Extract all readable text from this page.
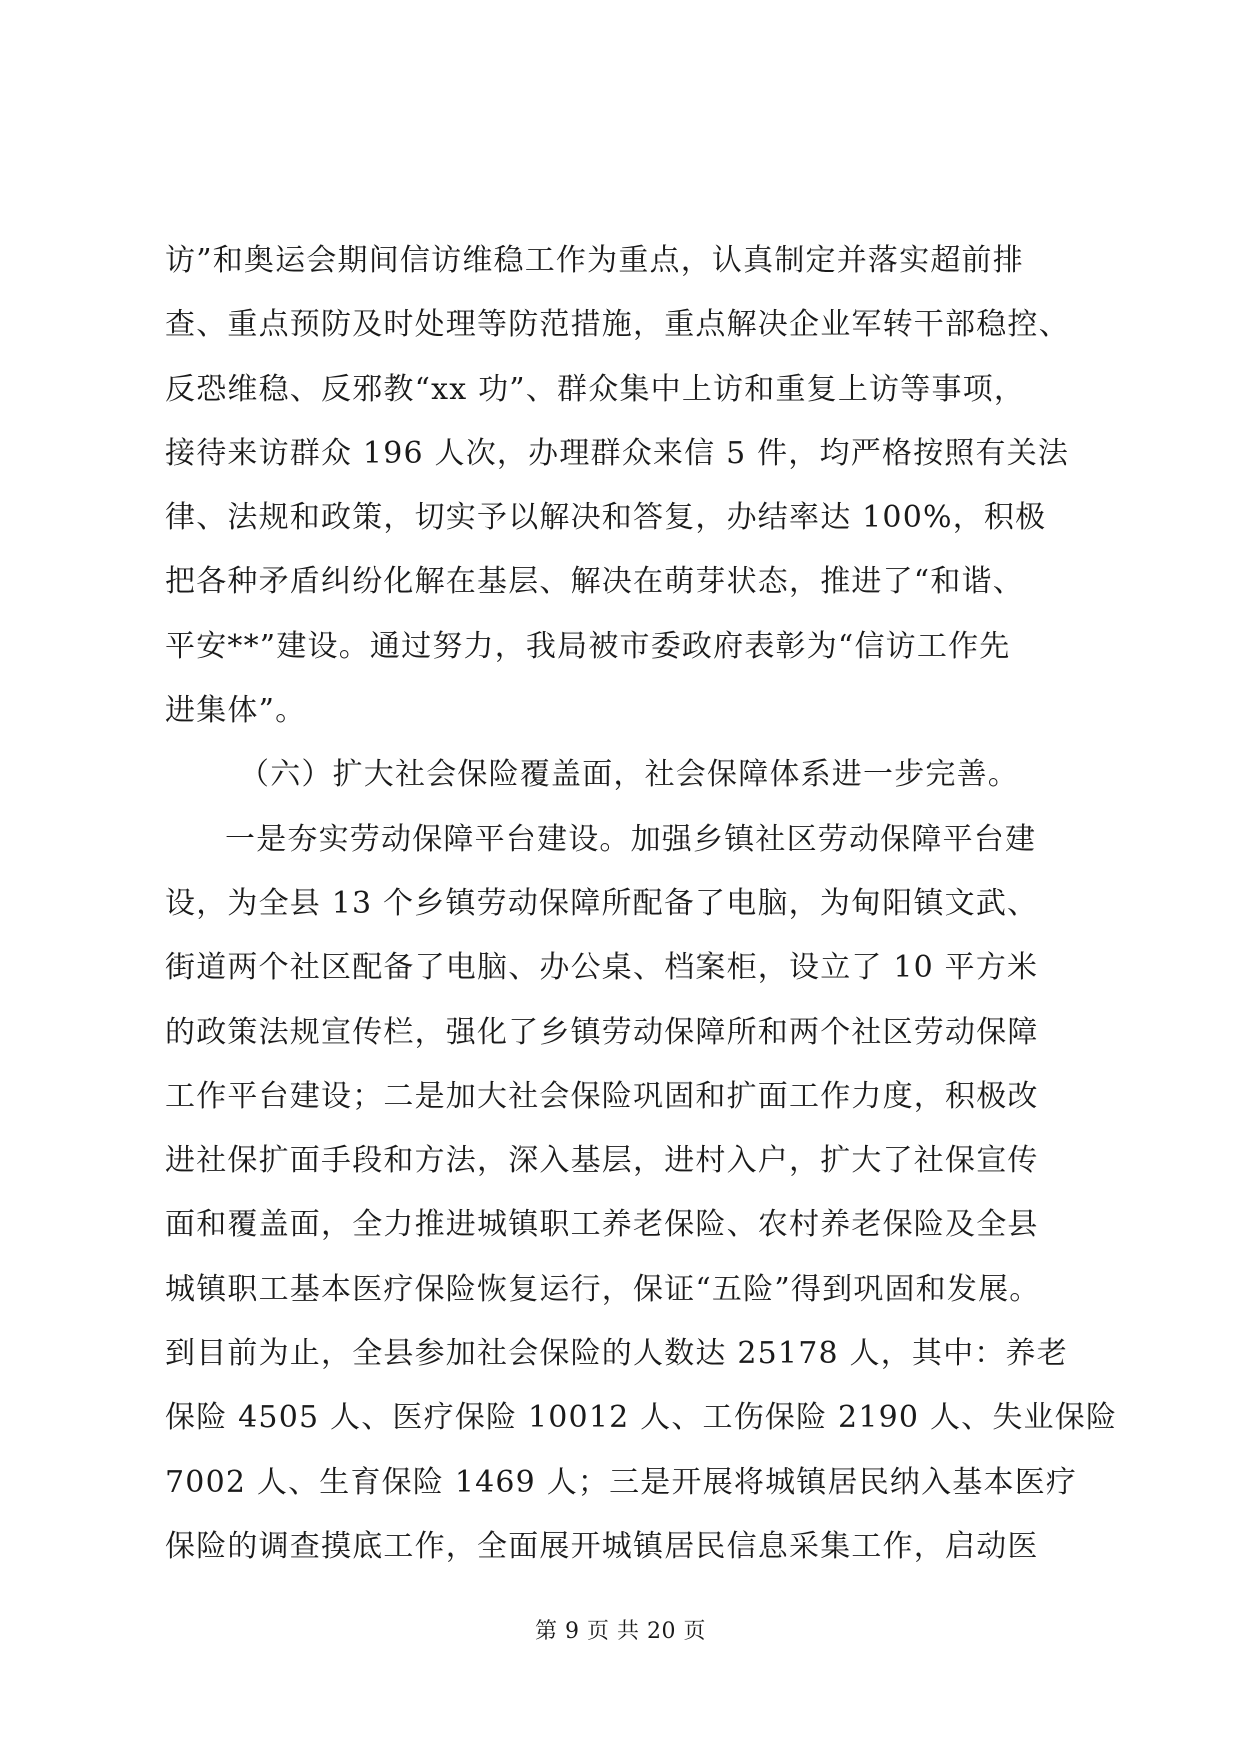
访”和奥运会期间信访维稳工作为重点，认真制定并落实超前排
查、重点预防及时处理等防范措施，重点解决企业军转干部稳控、
反恐维稳、反邪教“xx 功”、群众集中上访和重复上访等事项，
接待来访群众 196 人次，办理群众来信 5 件，均严格按照有关法
律、法规和政策，切实予以解决和答复，办结率达 100%，积极
把各种矛盾纠纷化解在基层、解决在萌芽状态，推进了“和谐、
平安**”建设。通过努力，我局被市委政府表彰为“信访工作先
进集体”。
（六）扩大社会保险覆盖面，社会保障体系进一步完善。
一是夯实劳动保障平台建设。加强乡镇社区劳动保障平台建
设，为全县 13 个乡镇劳动保障所配备了电脑，为甸阳镇文武、
街道两个社区配备了电脑、办公桌、档案柜，设立了 10 平方米
的政策法规宣传栏，强化了乡镇劳动保障所和两个社区劳动保障
工作平台建设；二是加大社会保险巩固和扩面工作力度，积极改
进社保扩面手段和方法，深入基层，进村入户，扩大了社保宣传
面和覆盖面，全力推进城镇职工养老保险、农村养老保险及全县
城镇职工基本医疗保险恢复运行，保证“五险”得到巩固和发展。
到目前为止，全县参加社会保险的人数达 25178 人，其中：养老
保险 4505 人、医疗保险 10012 人、工伤保险 2190 人、失业保险
7002 人、生育保险 1469 人；三是开展将城镇居民纳入基本医疗
保险的调查摸底工作，全面展开城镇居民信息采集工作，启动医
第 9 页 共 20 页
